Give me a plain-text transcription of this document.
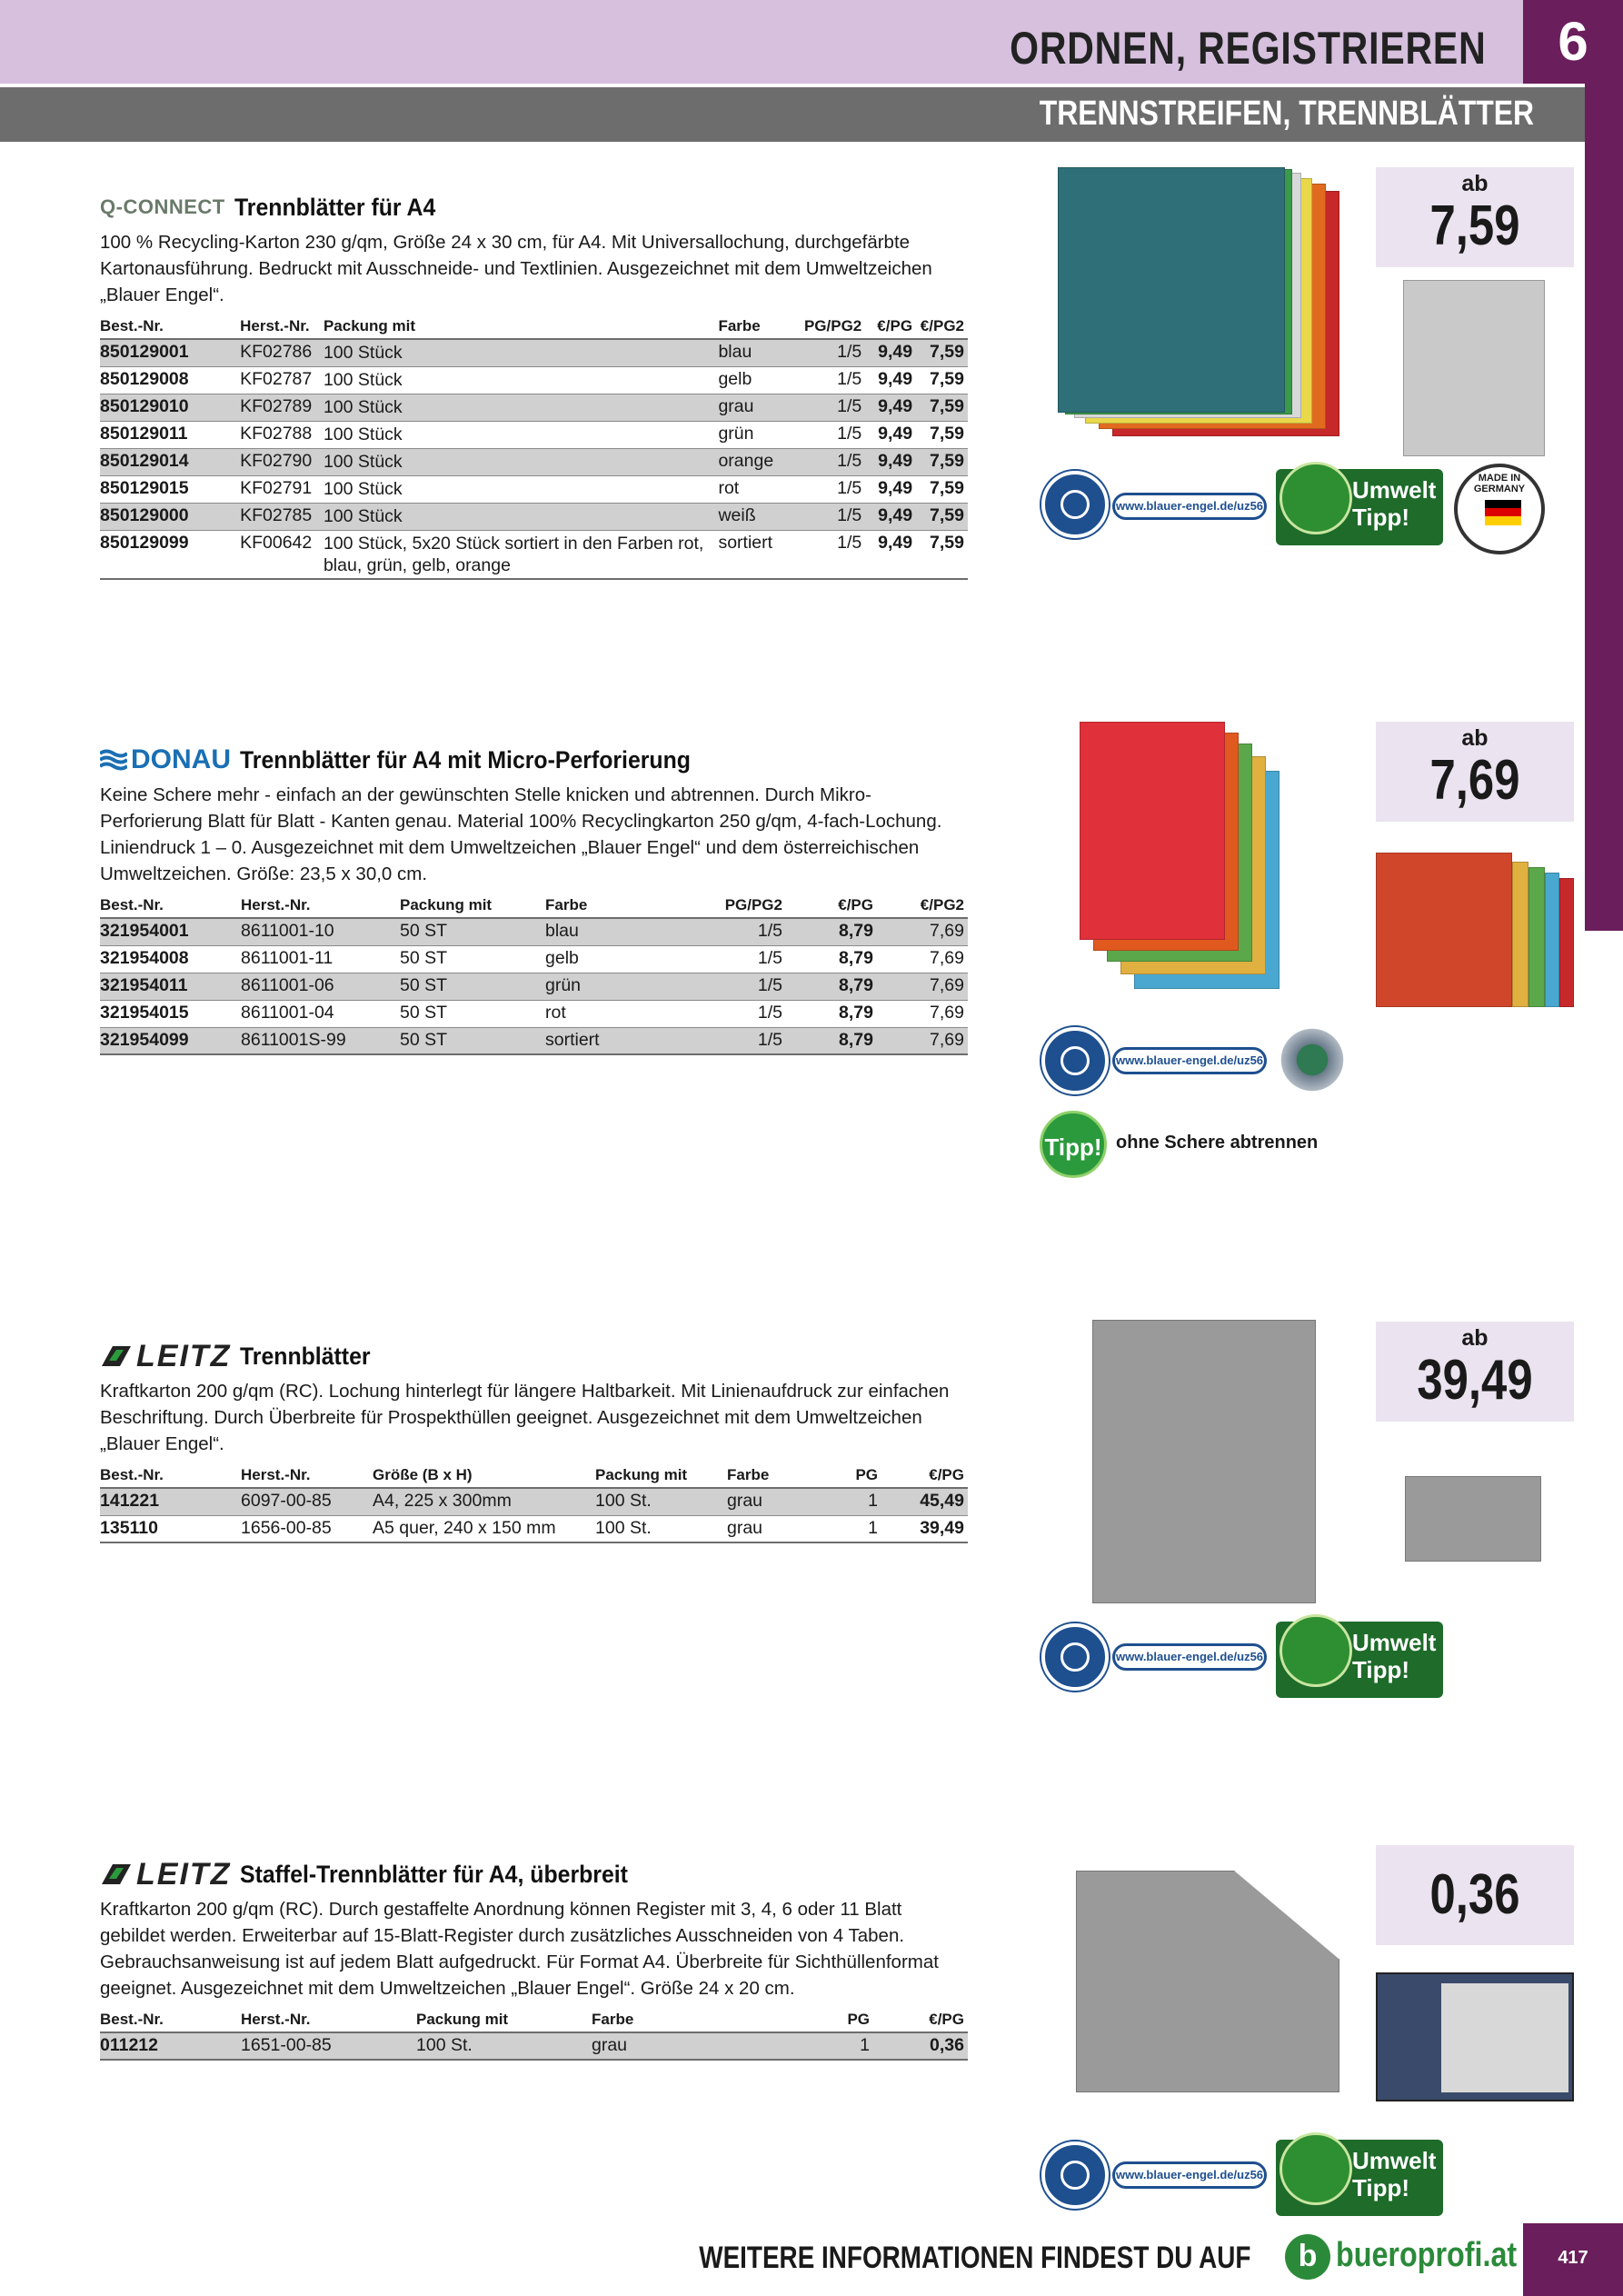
ORDNEN, REGISTRIEREN	6
TRENNSTREIFEN, TRENNBLÄTTER
Q-CONNECT Trennblätter für A4
100 % Recycling-Karton 230 g/qm, Größe 24 x 30 cm, für A4. Mit Universallochung, durchgefärbte Kartonausführung. Bedruckt mit Ausschneide- und Textlinien. Ausgezeichnet mit dem Umweltzeichen „Blauer Engel“.
Best.-Nr.	Herst.-Nr.	Packung mit	Farbe	PG/PG2	€/PG	€/PG2
850129001	KF02786	100 Stück	blau	1/5	9,49	7,59
850129008	KF02787	100 Stück	gelb	1/5	9,49	7,59
850129010	KF02789	100 Stück	grau	1/5	9,49	7,59
850129011	KF02788	100 Stück	grün	1/5	9,49	7,59
850129014	KF02790	100 Stück	orange	1/5	9,49	7,59
850129015	KF02791	100 Stück	rot	1/5	9,49	7,59
850129000	KF02785	100 Stück	weiß	1/5	9,49	7,59
850129099	KF00642	100 Stück, 5x20 Stück sortiert in den Farben rot, blau, grün, gelb, orange	sortiert	1/5	9,49	7,59
ab
7,59
www.blauer-engel.de/uz56
Umwelt
Tipp!
MADE IN GERMANY
DONAU Trennblätter für A4 mit Micro-Perforierung
Keine Schere mehr - einfach an der gewünschten Stelle knicken und abtrennen. Durch Mikro-Perforierung Blatt für Blatt - Kanten genau. Material 100% Recyclingkarton 250 g/qm, 4-fach-Lochung. Liniendruck 1 – 0. Ausgezeichnet mit dem Umweltzeichen „Blauer Engel“ und dem österreichischen Umweltzeichen. Größe: 23,5 x 30,0 cm.
Best.-Nr.	Herst.-Nr.	Packung mit	Farbe	PG/PG2	€/PG	€/PG2
321954001	8611001-10	50 ST	blau	1/5	8,79	7,69
321954008	8611001-11	50 ST	gelb	1/5	8,79	7,69
321954011	8611001-06	50 ST	grün	1/5	8,79	7,69
321954015	8611001-04	50 ST	rot	1/5	8,79	7,69
321954099	8611001S-99	50 ST	sortiert	1/5	8,79	7,69
ab
7,69
www.blauer-engel.de/uz56
Tipp! ohne Schere abtrennen
LEITZ Trennblätter
Kraftkarton 200 g/qm (RC). Lochung hinterlegt für längere Haltbarkeit. Mit Linienaufdruck zur einfachen Beschriftung. Durch Überbreite für Prospekthüllen geeignet. Ausgezeichnet mit dem Umweltzeichen „Blauer Engel“.
Best.-Nr.	Herst.-Nr.	Größe (B x H)	Packung mit	Farbe	PG	€/PG
141221	6097-00-85	A4, 225 x 300mm	100 St.	grau	1	45,49
135110	1656-00-85	A5 quer, 240 x 150 mm	100 St.	grau	1	39,49
ab
39,49
www.blauer-engel.de/uz56
Umwelt
Tipp!
LEITZ Staffel-Trennblätter für A4, überbreit
Kraftkarton 200 g/qm (RC). Durch gestaffelte Anordnung können Register mit 3, 4, 6 oder 11 Blatt gebildet werden. Erweiterbar auf 15-Blatt-Register durch zusätzliches Ausschneiden von 4 Taben. Gebrauchsanweisung ist auf jedem Blatt aufgedruckt. Für Format A4. Überbreite für Sichthüllenformat geeignet. Ausgezeichnet mit dem Umweltzeichen „Blauer Engel“. Größe 24 x 20 cm.
Best.-Nr.	Herst.-Nr.	Packung mit	Farbe	PG	€/PG
011212	1651-00-85	100 St.	grau	1	0,36
0,36
www.blauer-engel.de/uz56
Umwelt
Tipp!
WEITERE INFORMATIONEN FINDEST DU AUF	b bueroprofi.at	417
